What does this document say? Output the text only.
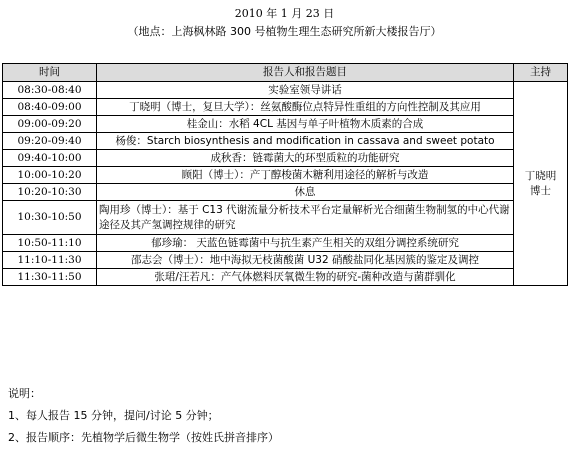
2010 年 1 月 23 日
（地点：上海枫林路 300 号植物生理生态研究所新大楼报告厅）
时间	报告人和报告题目	主持
08:30-08:40	实验室领导讲话	丁晓明
博士

08:40-09:00	丁晓明（博士，复旦大学）：丝氨酸酶位点特异性重组的方向性控制及其应用	
09:00-09:20	桂金山：水稻 4CL 基因与单子叶植物木质素的合成	
09:20-09:40	杨俊：Starch biosynthesis and modification in cassava and sweet potato	
09:40-10:00	成秋香：链霉菌大的环型质粒的功能研究	
10:00-10:20	顾阳（博士）：产丁醇梭菌木糖利用途径的解析与改造	
10:20-10:30	休息	
10:30-10:50	陶用珍（博士）：基于 C13 代谢流量分析技术平台定量解析光合细菌生物制氢的中心代谢途径及其产氢调控规律的研究	
10:50-11:10	郁珍瑜： 天蓝色链霉菌中与抗生素产生相关的双组分调控系统研究	
11:10-11:30	邵志会（博士）：地中海拟无枝菌酸菌 U32 硝酸盐同化基因簇的鉴定及调控	
11:30-11:50	张珺/汪若凡：产气体燃料厌氧微生物的研究-菌种改造与菌群驯化	
说明：
1、每人报告 15 分钟，提问/讨论 5 分钟；
2、报告顺序：先植物学后微生物学（按姓氏拼音排序）
